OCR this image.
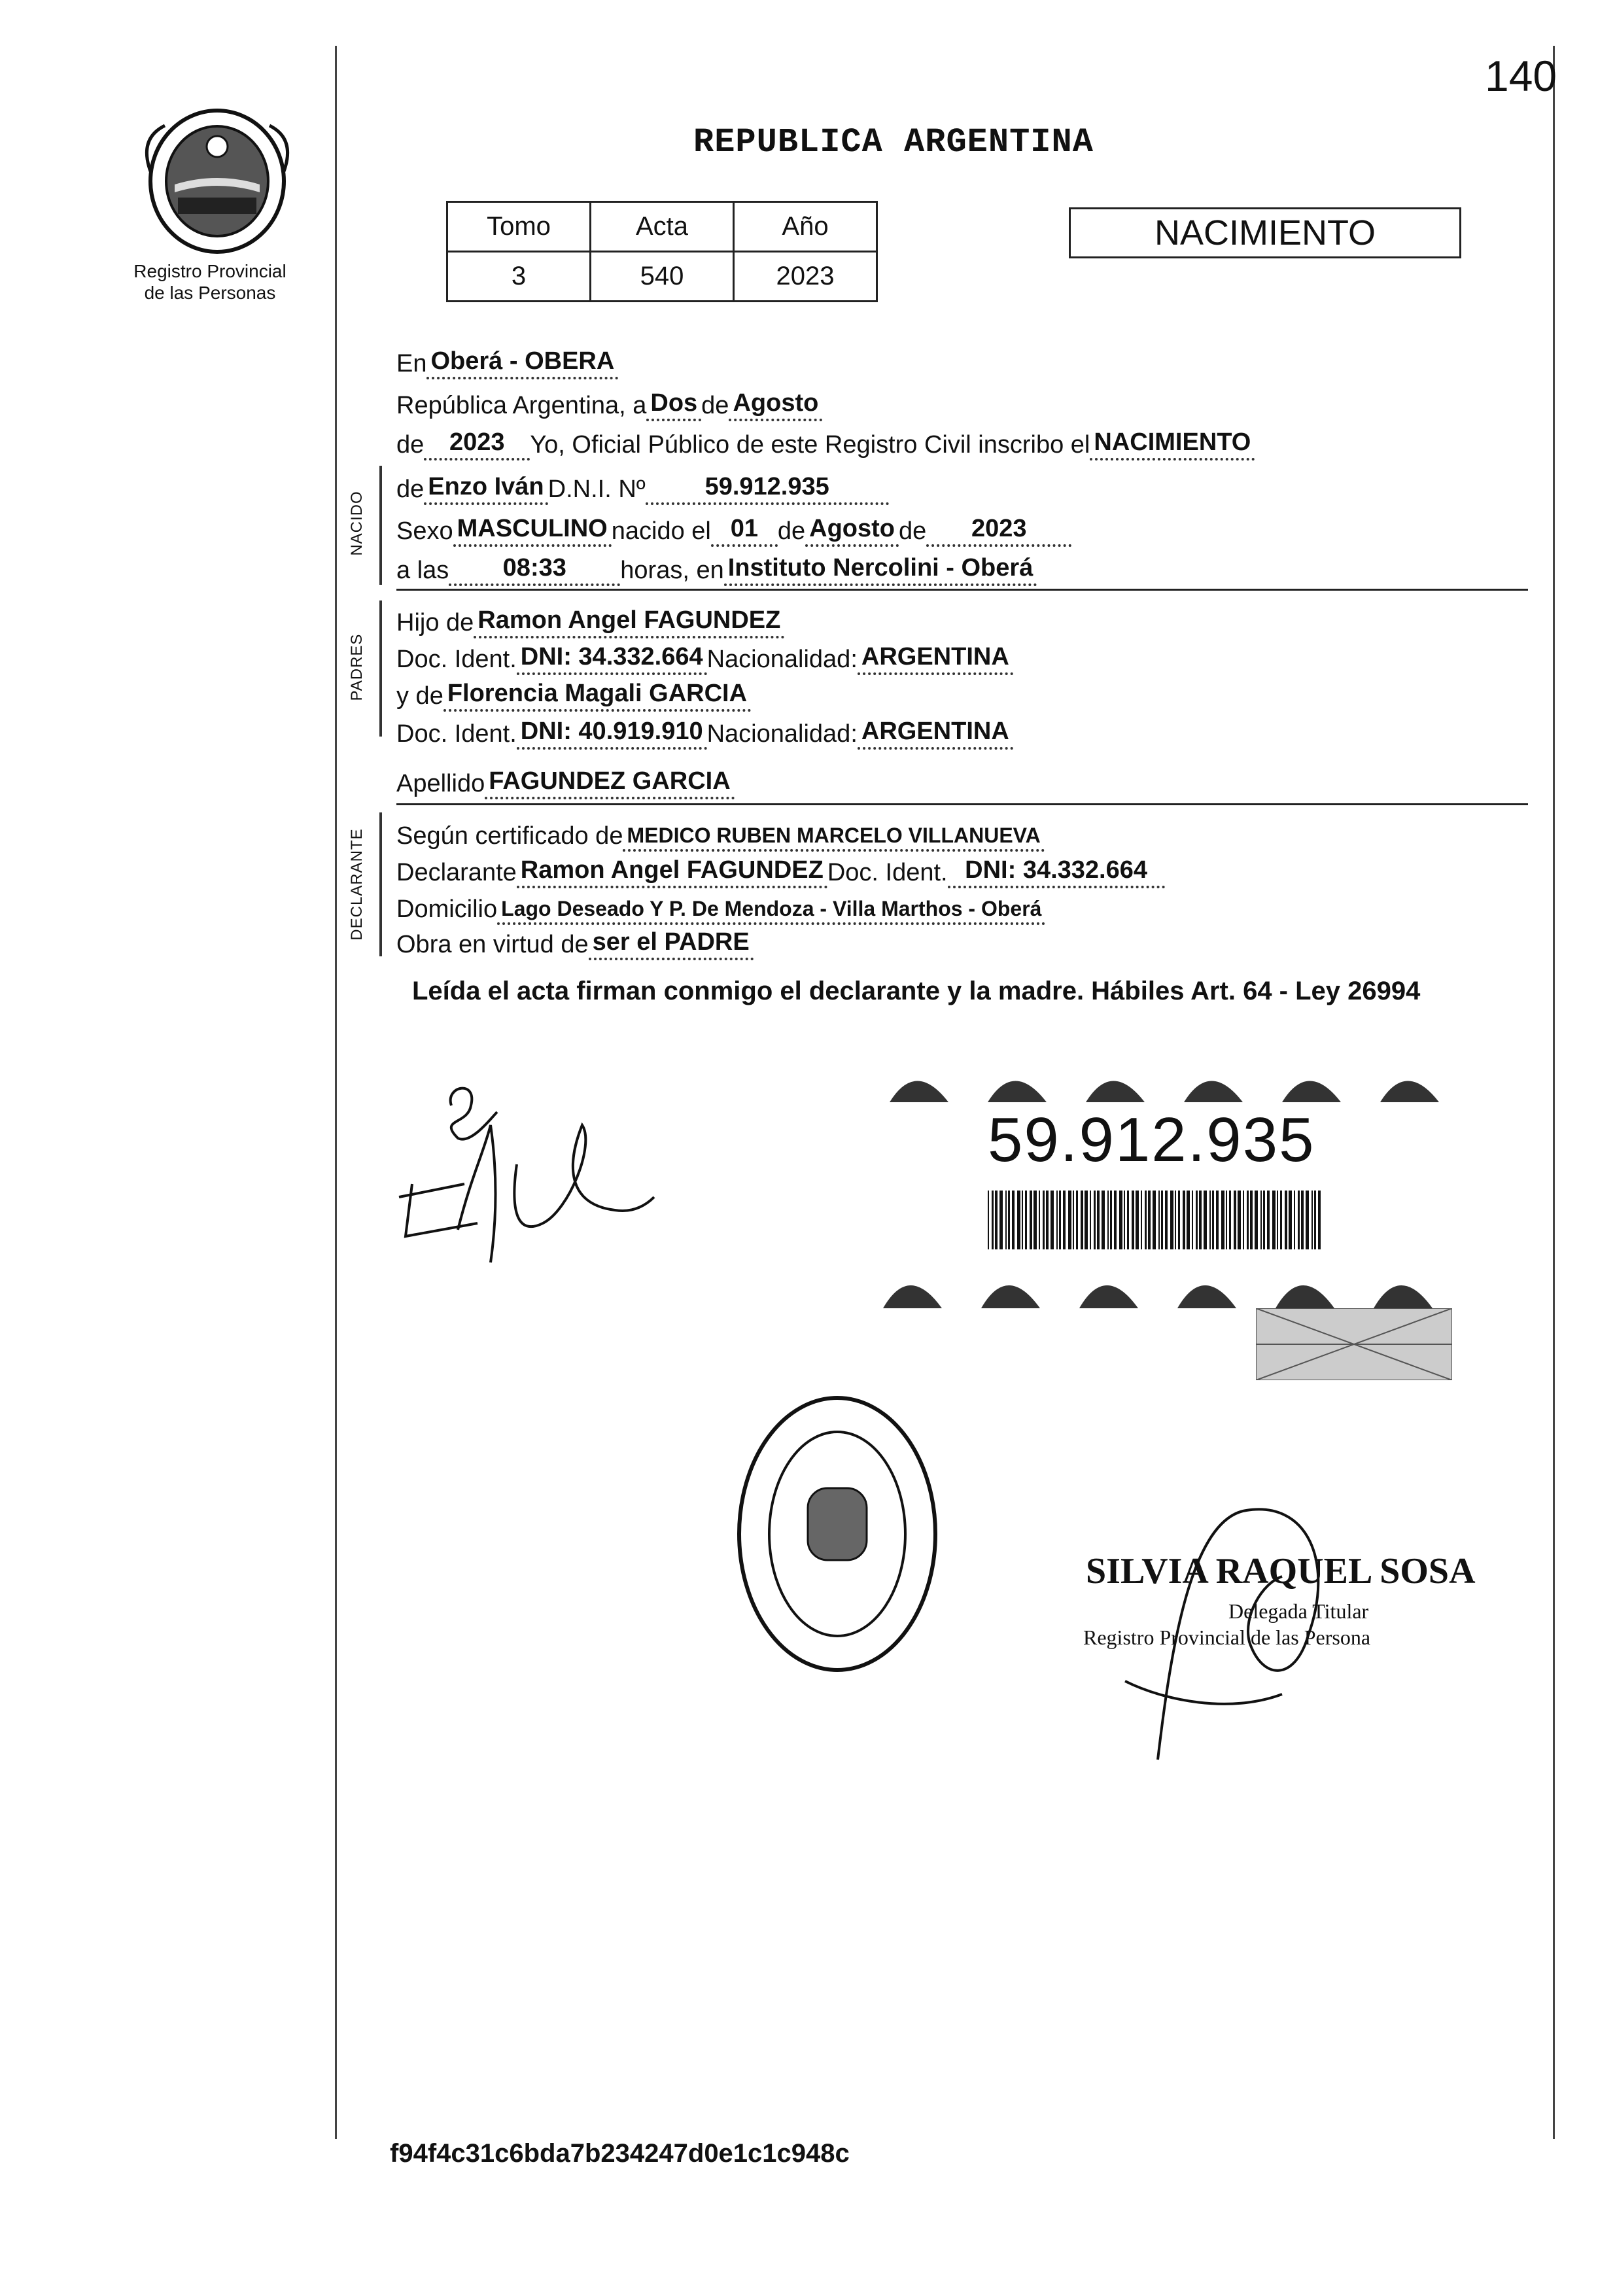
140
Registro Provincial
de las Personas
REPUBLICA ARGENTINA
Tomo	Acta	Año
3	540	2023
NACIMIENTO
En Oberá - OBERA
República Argentina, a Dos de Agosto
de	2023	Yo, Oficial Público de este Registro Civil inscribo el NACIMIENTO
NACIDO
de Enzo Iván D.N.I. Nº	59.912.935
Sexo MASCULINO nacido el 01 de Agosto de	2023
a las	08:33	horas, en Instituto Nercolini - Oberá
PADRES
Hijo de Ramon Angel FAGUNDEZ
Doc. Ident. DNI: 34.332.664 Nacionalidad: ARGENTINA
y de Florencia Magali GARCIA
Doc. Ident. DNI: 40.919.910 Nacionalidad: ARGENTINA
Apellido FAGUNDEZ GARCIA
DECLARANTE Según certificado de MEDICO RUBEN MARCELO VILLANUEVA
Declarante Ramon Angel FAGUNDEZ Doc. Ident. DNI: 34.332.664
Domicilio Lago Deseado Y P. De Mendoza - Villa Marthos - Oberá
Obra en virtud de ser el PADRE
Leída el acta firman conmigo el declarante y la madre. Hábiles Art. 64 - Ley 26994
59.912.935
SILVIA RAQUEL SOSA
Delegada Titular
Registro Provincial de las Persona
f94f4c31c6bda7b234247d0e1c1c948c
